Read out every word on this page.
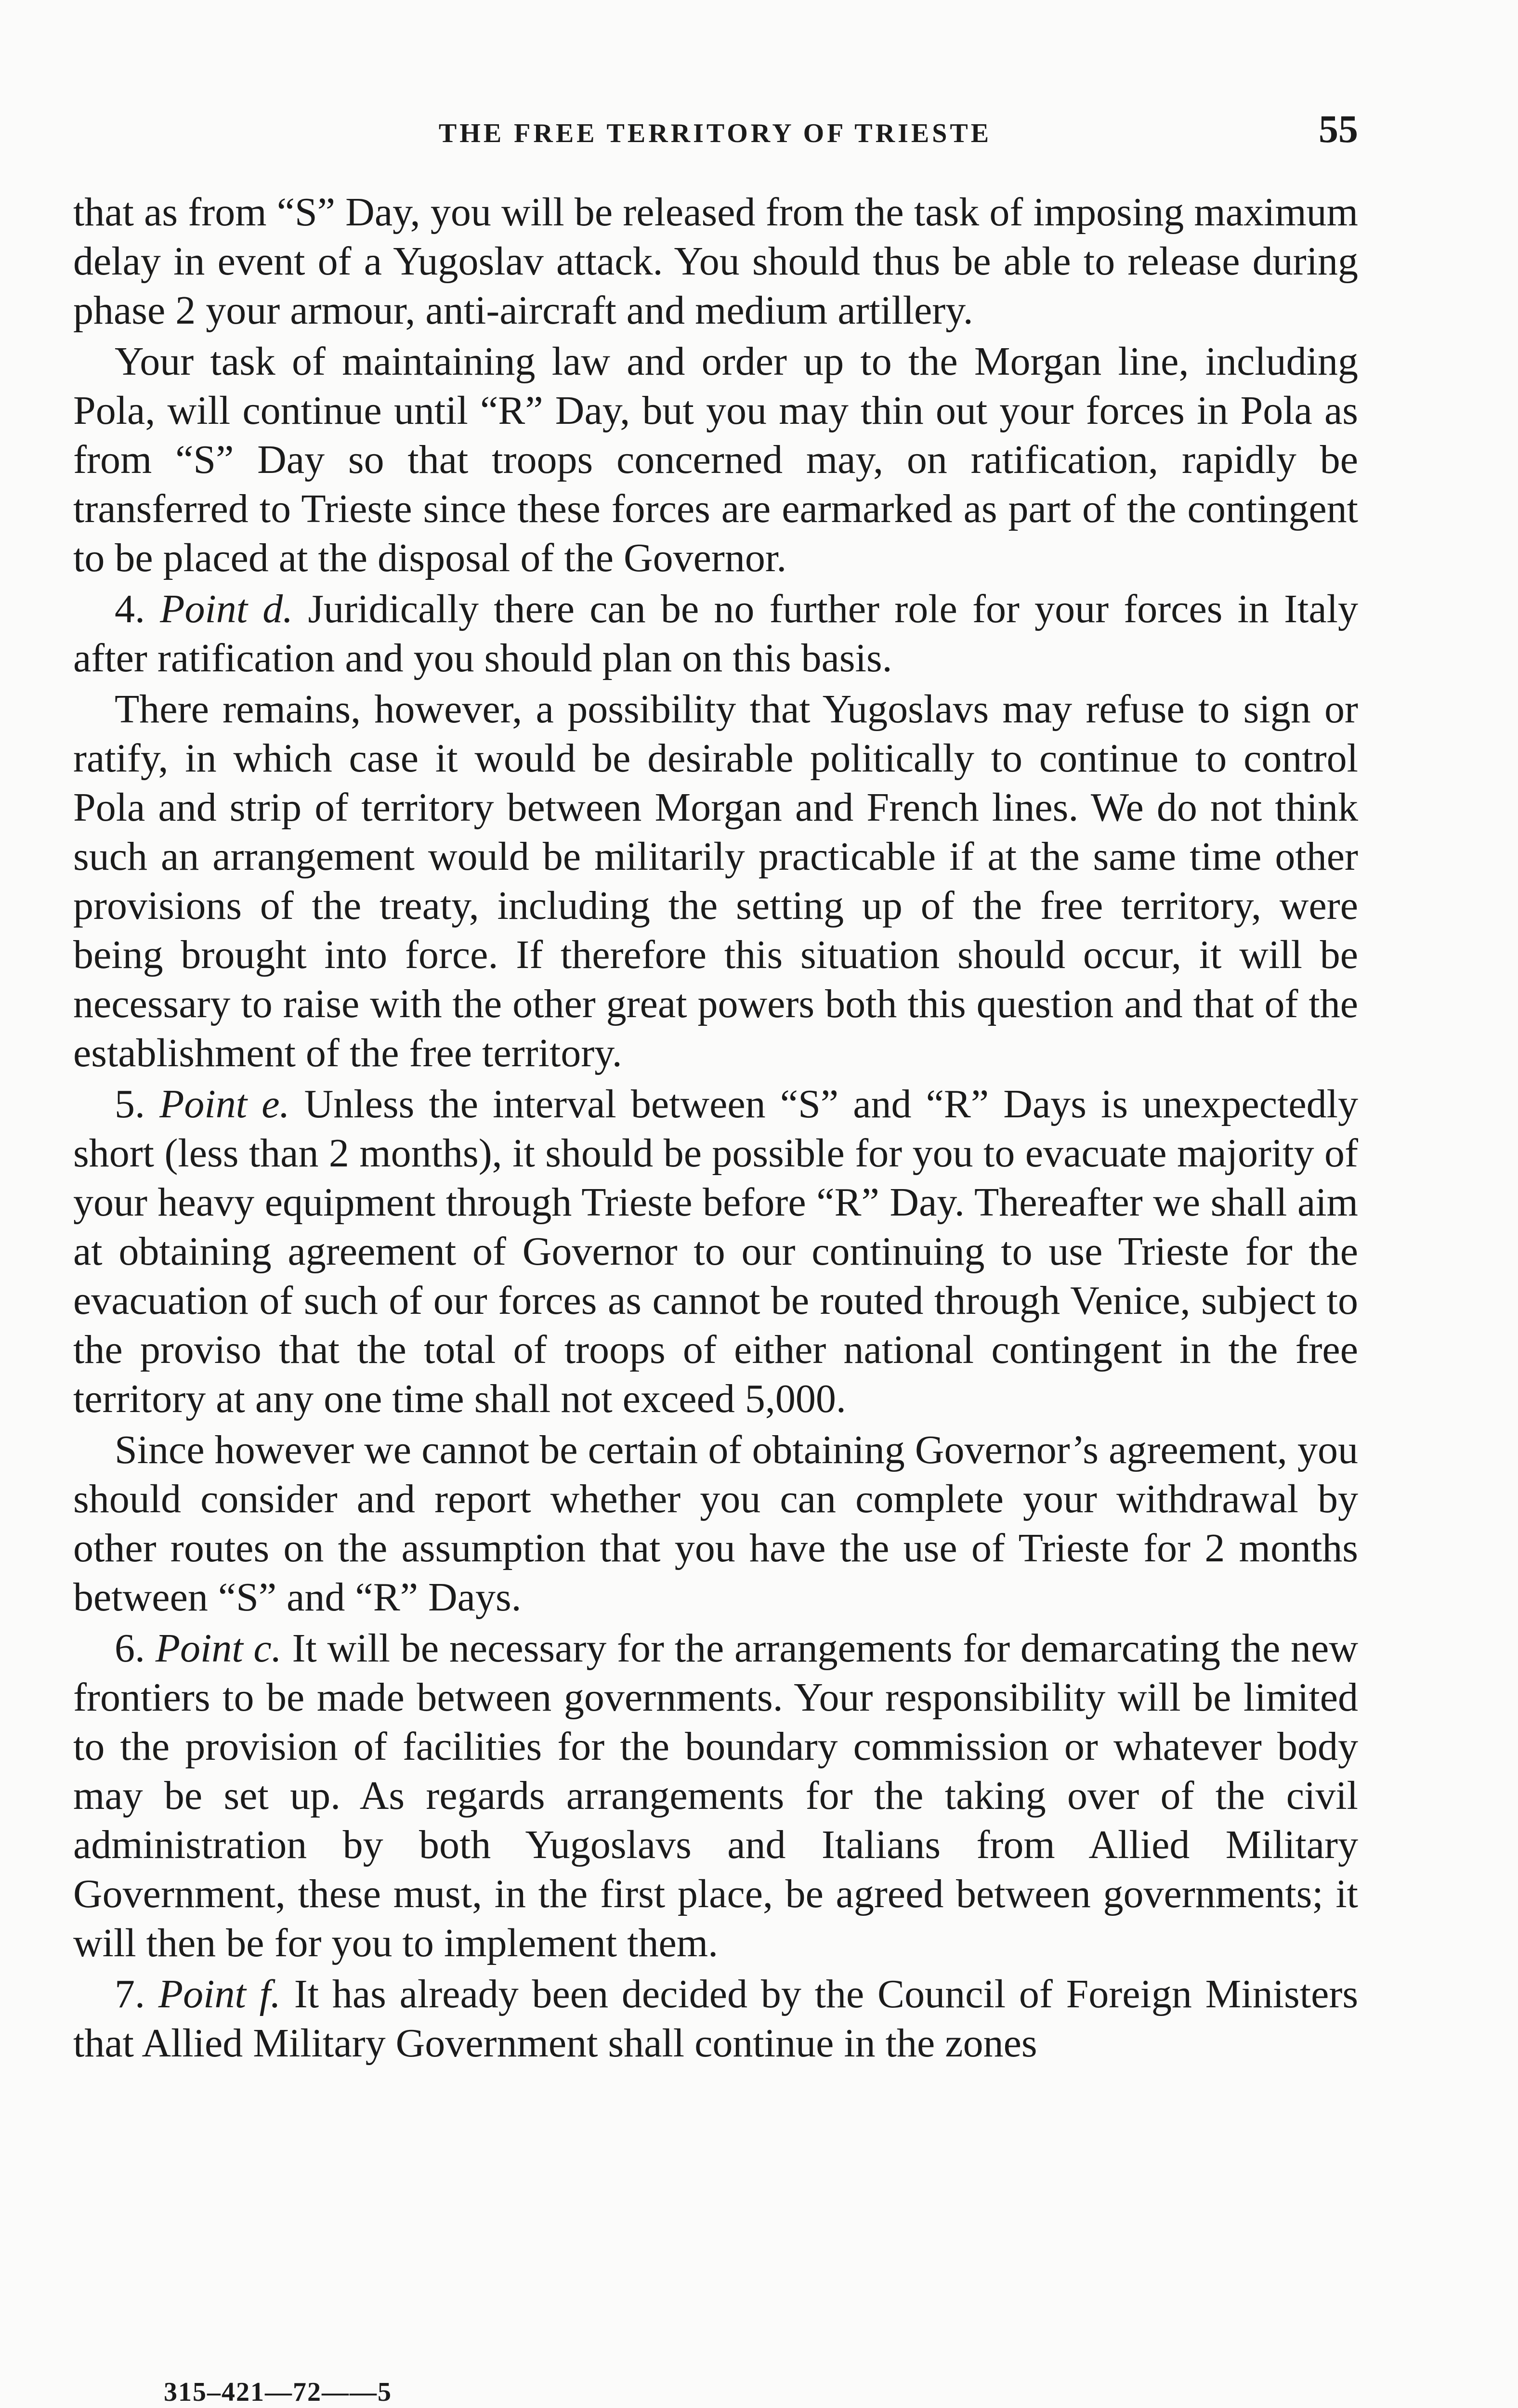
THE FREE TERRITORY OF TRIESTE	55

that as from “S” Day, you will be released from the task of imposing maximum delay in event of a Yugoslav attack. You should thus be able to release during phase 2 your armour, anti-aircraft and medium artillery.

Your task of maintaining law and order up to the Morgan line, including Pola, will continue until “R” Day, but you may thin out your forces in Pola as from “S” Day so that troops concerned may, on ratification, rapidly be transferred to Trieste since these forces are earmarked as part of the contingent to be placed at the disposal of the Governor.

4. Point d. Juridically there can be no further role for your forces in Italy after ratification and you should plan on this basis.

There remains, however, a possibility that Yugoslavs may refuse to sign or ratify, in which case it would be desirable politically to continue to control Pola and strip of territory between Morgan and French lines. We do not think such an arrangement would be militarily practicable if at the same time other provisions of the treaty, including the setting up of the free territory, were being brought into force. If therefore this situation should occur, it will be necessary to raise with the other great powers both this question and that of the establishment of the free territory.

5. Point e. Unless the interval between “S” and “R” Days is unexpectedly short (less than 2 months), it should be possible for you to evacuate majority of your heavy equipment through Trieste before “R” Day. Thereafter we shall aim at obtaining agreement of Governor to our continuing to use Trieste for the evacuation of such of our forces as cannot be routed through Venice, subject to the proviso that the total of troops of either national contingent in the free territory at any one time shall not exceed 5,000.

Since however we cannot be certain of obtaining Governor’s agreement, you should consider and report whether you can complete your withdrawal by other routes on the assumption that you have the use of Trieste for 2 months between “S” and “R” Days.

6. Point c. It will be necessary for the arrangements for demarcating the new frontiers to be made between governments. Your responsibility will be limited to the provision of facilities for the boundary commission or whatever body may be set up. As regards arrangements for the taking over of the civil administration by both Yugoslavs and Italians from Allied Military Government, these must, in the first place, be agreed between governments; it will then be for you to implement them.

7. Point f. It has already been decided by the Council of Foreign Ministers that Allied Military Government shall continue in the zones

315–421—72——5
